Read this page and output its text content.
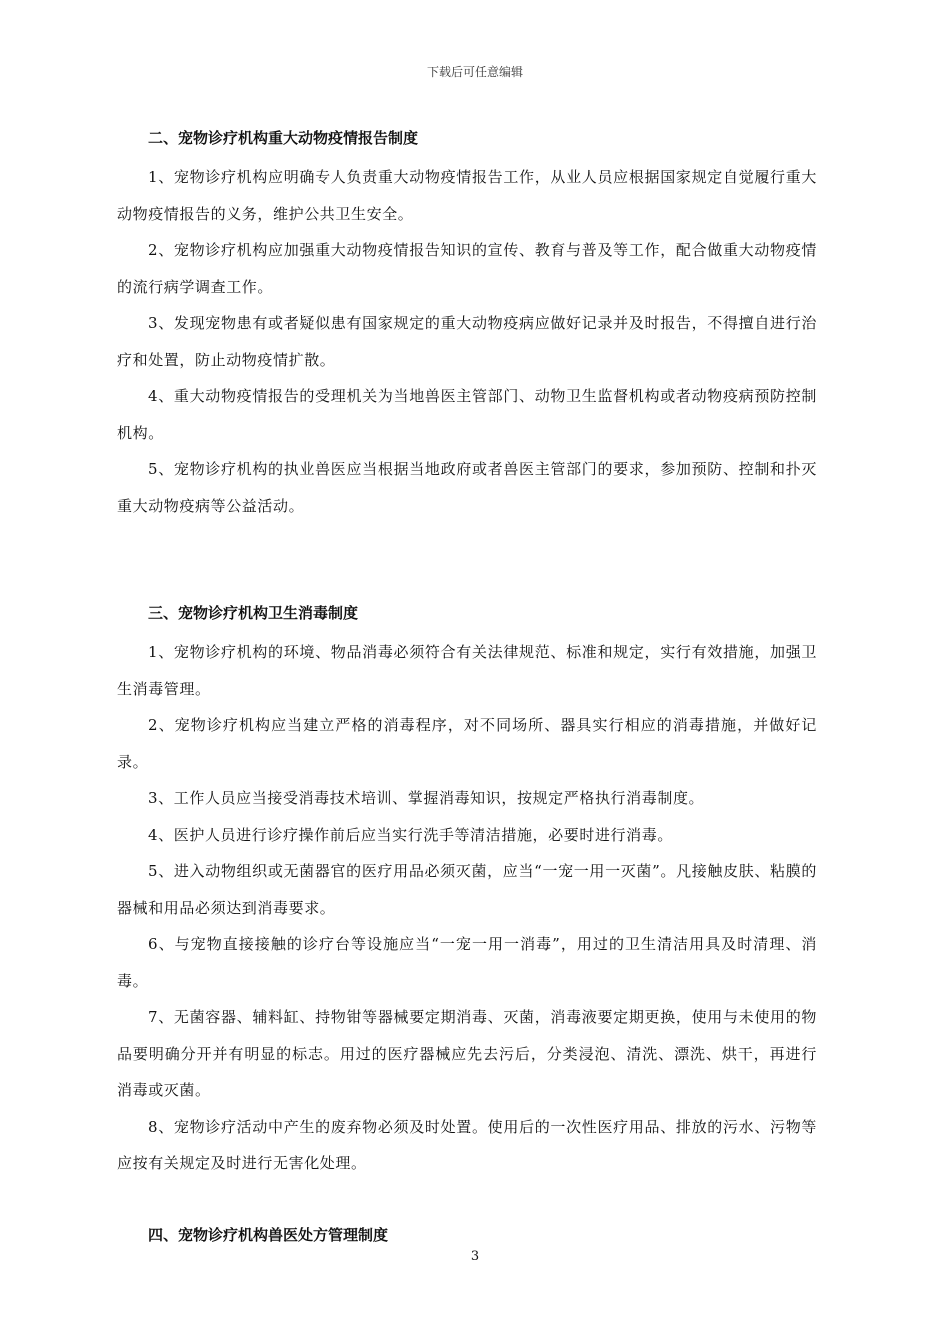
下载后可任意编辑
二、宠物诊疗机构重大动物疫情报告制度

1、宠物诊疗机构应明确专人负责重大动物疫情报告工作，从业人员应根据国家规定自觉履行重大动物疫情报告的义务，维护公共卫生安全。

2、宠物诊疗机构应加强重大动物疫情报告知识的宣传、教育与普及等工作，配合做重大动物疫情的流行病学调查工作。

3、发现宠物患有或者疑似患有国家规定的重大动物疫病应做好记录并及时报告，不得擅自进行治疗和处置，防止动物疫情扩散。

4、重大动物疫情报告的受理机关为当地兽医主管部门、动物卫生监督机构或者动物疫病预防控制机构。

5、宠物诊疗机构的执业兽医应当根据当地政府或者兽医主管部门的要求，参加预防、控制和扑灭重大动物疫病等公益活动。

三、宠物诊疗机构卫生消毒制度

1、宠物诊疗机构的环境、物品消毒必须符合有关法律规范、标准和规定，实行有效措施，加强卫生消毒管理。

2、宠物诊疗机构应当建立严格的消毒程序，对不同场所、器具实行相应的消毒措施，并做好记录。

3、工作人员应当接受消毒技术培训、掌握消毒知识，按规定严格执行消毒制度。

4、医护人员进行诊疗操作前后应当实行洗手等清洁措施，必要时进行消毒。

5、进入动物组织或无菌器官的医疗用品必须灭菌，应当“一宠一用一灭菌”。凡接触皮肤、粘膜的器械和用品必须达到消毒要求。

6、与宠物直接接触的诊疗台等设施应当“一宠一用一消毒”，用过的卫生清洁用具及时清理、消毒。

7、无菌容器、辅料缸、持物钳等器械要定期消毒、灭菌，消毒液要定期更换，使用与未使用的物品要明确分开并有明显的标志。用过的医疗器械应先去污后，分类浸泡、清洗、漂洗、烘干，再进行消毒或灭菌。

8、宠物诊疗活动中产生的废弃物必须及时处置。使用后的一次性医疗用品、排放的污水、污物等应按有关规定及时进行无害化处理。

四、宠物诊疗机构兽医处方管理制度
3
